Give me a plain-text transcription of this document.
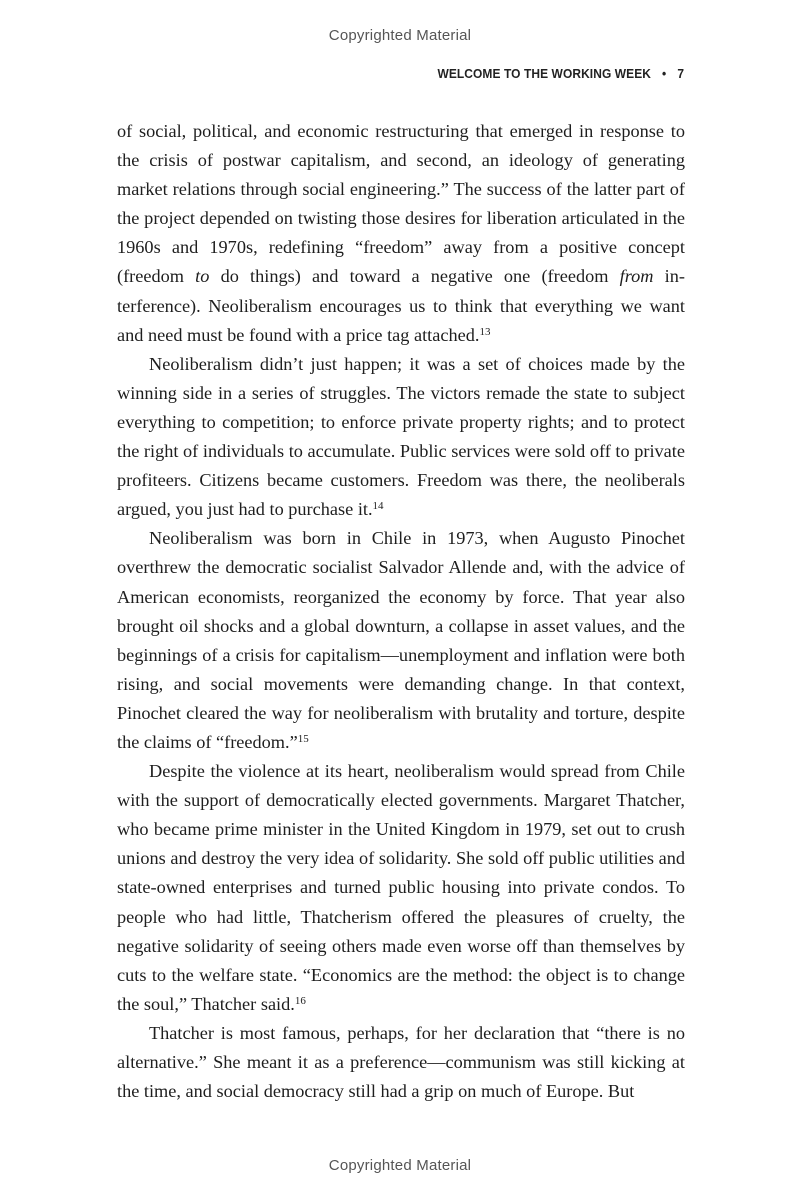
Copyrighted Material
WELCOME TO THE WORKING WEEK • 7

of social, political, and economic restructuring that emerged in response to the crisis of postwar capitalism, and second, an ideology of generating market relations through social engineering.” The success of the latter part of the project depended on twisting those desires for liberation articulated in the 1960s and 1970s, redefining “freedom” away from a positive concept (freedom to do things) and toward a negative one (freedom from interference). Neoliberalism encourages us to think that everything we want and need must be found with a price tag attached.$^{13}$

Neoliberalism didn’t just happen; it was a set of choices made by the winning side in a series of struggles. The victors remade the state to subject everything to competition; to enforce private property rights; and to protect the right of individuals to accumulate. Public services were sold off to private profiteers. Citizens became customers. Freedom was there, the neoliberals argued, you just had to purchase it.$^{14}$

Neoliberalism was born in Chile in 1973, when Augusto Pinochet overthrew the democratic socialist Salvador Allende and, with the advice of American economists, reorganized the economy by force. That year also brought oil shocks and a global downturn, a collapse in asset values, and the beginnings of a crisis for capitalism—unemployment and inflation were both rising, and social movements were demanding change. In that context, Pinochet cleared the way for neoliberalism with brutality and torture, despite the claims of “freedom.”$^{15}$

Despite the violence at its heart, neoliberalism would spread from Chile with the support of democratically elected governments. Margaret Thatcher, who became prime minister in the United Kingdom in 1979, set out to crush unions and destroy the very idea of solidarity. She sold off public utilities and state-owned enterprises and turned public housing into private condos. To people who had little, Thatcherism offered the pleasures of cruelty, the negative solidarity of seeing others made even worse off than themselves by cuts to the welfare state. “Economics are the method: the object is to change the soul,” Thatcher said.$^{16}$

Thatcher is most famous, perhaps, for her declaration that “there is no alternative.” She meant it as a preference—communism was still kicking at the time, and social democracy still had a grip on much of Europe. But

Copyrighted Material
